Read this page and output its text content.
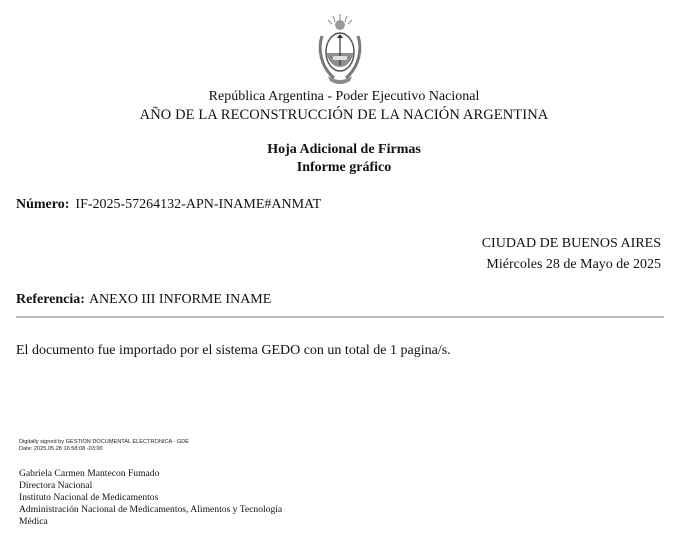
República Argentina - Poder Ejecutivo Nacional
AÑO DE LA RECONSTRUCCIÓN DE LA NACIÓN ARGENTINA
Hoja Adicional de Firmas
Informe gráfico
Número: IF-2025-57264132-APN-INAME#ANMAT
CIUDAD DE BUENOS AIRES
Miércoles 28 de Mayo de 2025
Referencia: ANEXO III INFORME INAME
El documento fue importado por el sistema GEDO con un total de 1 pagina/s.
Digitally signed by GESTION DOCUMENTAL ELECTRONICA - GDE
Date: 2025.05.28 16:58:08 -03:00
Gabriela Carmen Mantecon Fumado
Directora Nacional
Instituto Nacional de Medicamentos
Administración Nacional de Medicamentos, Alimentos y Tecnología
Médica
